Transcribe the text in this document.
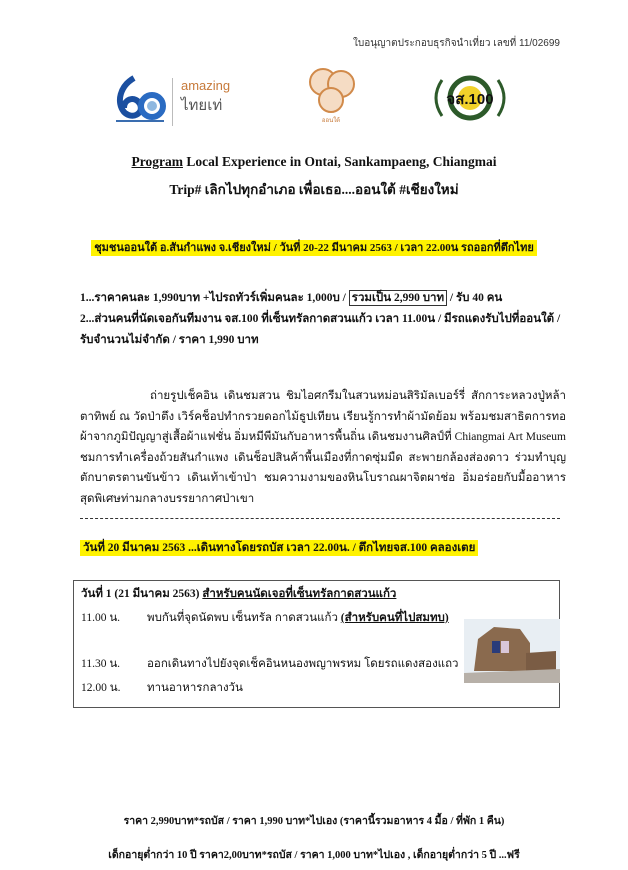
ใบอนุญาตประกอบธุรกิจนำเที่ยว เลขที่ 11/02699
amazing
ไทยเท่
ออนใต้
จส.100
Program Local Experience in Ontai, Sankampaeng, Chiangmai
Trip# เลิกไปทุกอำเภอ เพื่อเธอ....ออนใต้ #เชียงใหม่
ชุมชนออนใต้ อ.สันกำแพง จ.เชียงใหม่ / วันที่ 20-22 มีนาคม 2563 / เวลา 22.00น รถออกที่ตึกไทย
1...ราคาคนละ 1,990บาท +ไปรถทัวร์เพิ่มคนละ 1,000บ / รวมเป็น 2,990 บาท / รับ 40 คน
2...ส่วนคนที่นัดเจอกันทีมงาน จส.100 ที่เซ็นทรัลกาดสวนแก้ว เวลา 11.00น / มีรถแดงรับไปที่ออนใต้ / รับจำนวนไม่จำกัด / ราคา 1,990 บาท
ถ่ายรูปเช็คอิน เดินชมสวน ชิมไอศกรีมในสวนหม่อนสิริมัลเบอร์รี่ สักการะหลวงปู่หล้าตาทิพย์ ณ วัดป่าตึง เวิร์คช็อปทำกรวยดอกไม้ธูปเทียน เรียนรู้การทำผ้ามัดย้อม พร้อมชมสาธิตการทอผ้าจากภูมิปัญญาสู่เสื้อผ้าแฟชั่น อิ่มหมีพีมันกับอาหารพื้นถิ่น เดินชมงานศิลป์ที่ Chiangmai Art Museum ชมการทำเครื่องถ้วยสันกำแพง เดินช็อปสินค้าพื้นเมืองที่กาดซุ่มมืด สะพายกล้องส่องดาว ร่วมทำบุญตักบาตรตานขันข้าว เดินเท้าเข้าป่า ชมความงามของหินโบราณผาจิตผาช่อ อิ่มอร่อยกับมื้ออาหารสุดพิเศษท่ามกลางบรรยากาศป่าเขา
วันที่ 20 มีนาคม 2563 ...เดินทางโดยรถบัส เวลา 22.00น. / ตึกไทยจส.100 คลองเตย
วันที่ 1 (21 มีนาคม 2563) สำหรับคนนัดเจอที่เซ็นทรัลกาดสวนแก้ว
11.00 น. พบกันที่จุดนัดพบ เซ็นทรัล กาดสวนแก้ว (สำหรับคนที่ไปสมทบ)
11.30 น. ออกเดินทางไปยังจุดเช็คอินหนองพญาพรหม โดยรถแดงสองแถว
12.00 น. ทานอาหารกลางวัน
ราคา 2,990บาท*รถบัส / ราคา 1,990 บาท*ไปเอง (ราคานี้รวมอาหาร 4 มื้อ / ที่พัก 1 คืน)
เด็กอายุต่ำกว่า 10 ปี ราคา2,00บาท*รถบัส / ราคา 1,000 บาท*ไปเอง , เด็กอายุต่ำกว่า 5 ปี ...ฟรี
